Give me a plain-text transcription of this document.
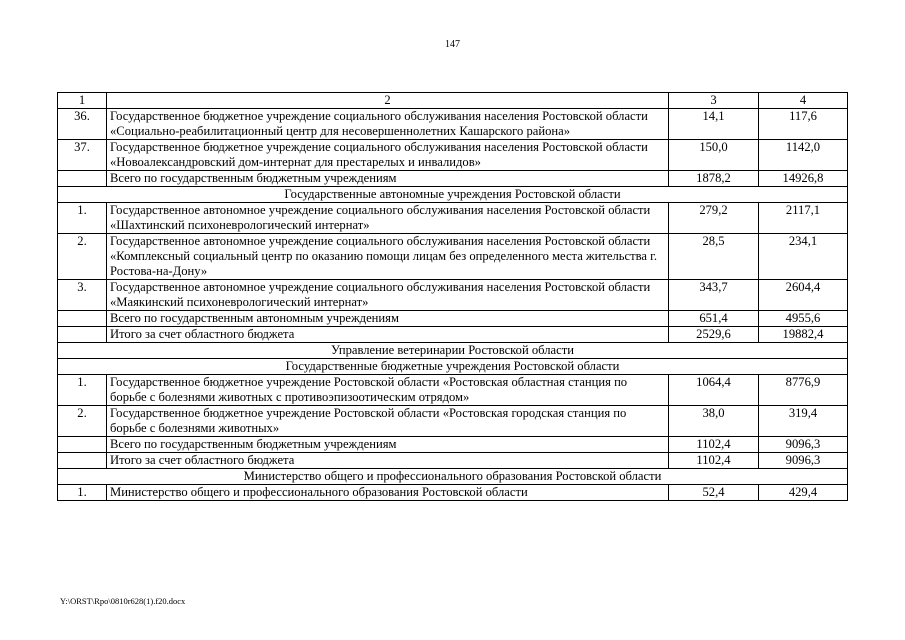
147
1	2	3	4
36.	Государственное бюджетное учреждение социального обслуживания населения Ростовской области «Социально-реабилитационный центр для несовершеннолетних Кашарского района»	14,1	117,6
37.	Государственное бюджетное учреждение социального обслуживания населения Ростовской области «Новоалександровский дом-интернат для престарелых и инвалидов»	150,0	1142,0
	Всего по государственным бюджетным учреждениям	1878,2	14926,8
Государственные автономные учреждения Ростовской области			
1.	Государственное автономное учреждение социального обслуживания населения Ростовской области «Шахтинский психоневрологический интернат»	279,2	2117,1
2.	Государственное автономное учреждение социального обслуживания населения Ростовской области «Комплексный социальный центр по оказанию помощи лицам без определенного места жительства г. Ростова-на-Дону»	28,5	234,1
3.	Государственное автономное учреждение социального обслуживания населения Ростовской области «Маякинский психоневрологический интернат»	343,7	2604,4
	Всего по государственным автономным учреждениям	651,4	4955,6
	Итого за счет областного бюджета	2529,6	19882,4
Управление ветеринарии Ростовской области			
Государственные бюджетные учреждения Ростовской области			
1.	Государственное бюджетное учреждение Ростовской области «Ростовская областная станция по борьбе с болезнями животных с противоэпизоотическим отрядом»	1064,4	8776,9
2.	Государственное бюджетное учреждение Ростовской области «Ростовская городская станция по борьбе с болезнями животных»	38,0	319,4
	Всего по государственным бюджетным учреждениям	1102,4	9096,3
	Итого за счет областного бюджета	1102,4	9096,3
Министерство общего и профессионального образования Ростовской области			
1.	Министерство общего и профессионального образования Ростовской области	52,4	429,4
Y:\ORST\Rpo\0810r628(1).f20.docx
